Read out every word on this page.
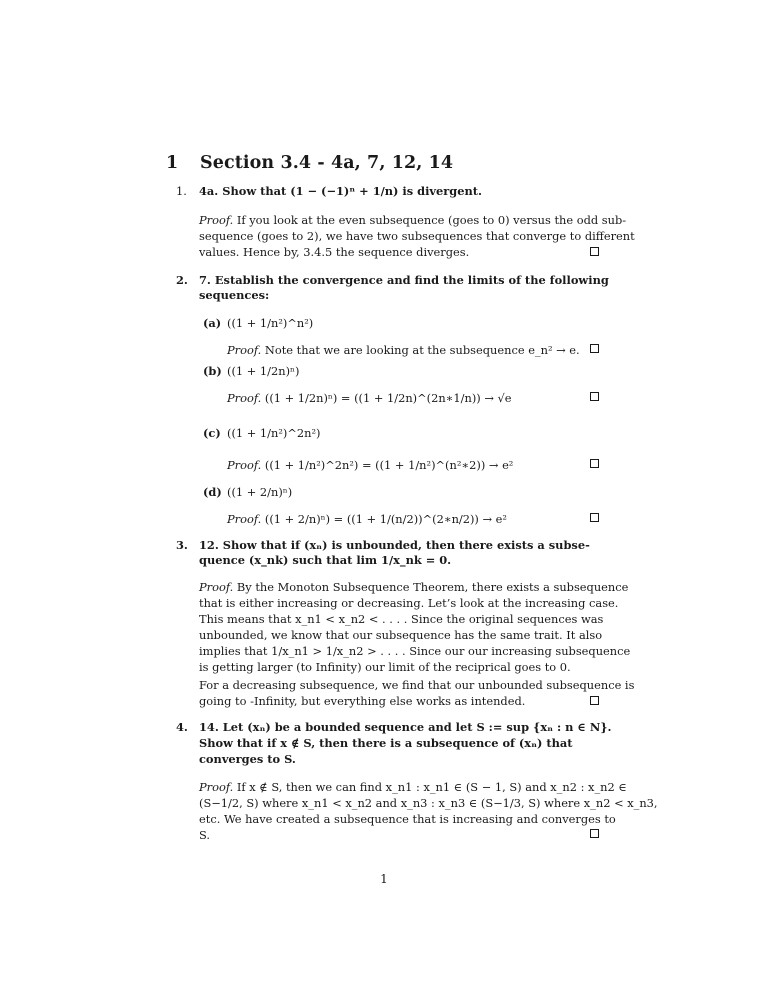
1 Section 3.4 - 4a, 7, 12, 14
1. 4a. Show that (1 − (−1)ⁿ + 1/n) is divergent.
Proof. If you look at the even subsequence (goes to 0) versus the odd sub-
sequence (goes to 2), we have two subsequences that converge to different
values. Hence by, 3.4.5 the sequence diverges.
2. 7. Establish the convergence and find the limits of the following
sequences:
(a) ((1 + 1/n²)^n²)
Proof. Note that we are looking at the subsequence e_n² → e.
(b) ((1 + 1/2n)ⁿ)
Proof. ((1 + 1/2n)ⁿ) = ((1 + 1/2n)^(2n∗1/n)) → √e
(c) ((1 + 1/n²)^2n²)
Proof. ((1 + 1/n²)^2n²) = ((1 + 1/n²)^(n²∗2)) → e²
(d) ((1 + 2/n)ⁿ)
Proof. ((1 + 2/n)ⁿ) = ((1 + 1/(n/2))^(2∗n/2)) → e²
3. 12. Show that if (xₙ) is unbounded, then there exists a subse-
quence (x_nk) such that lim 1/x_nk = 0.
Proof. By the Monoton Subsequence Theorem, there exists a subsequence
that is either increasing or decreasing. Let’s look at the increasing case.
This means that x_n1 < x_n2 < . . . . Since the original sequences was
unbounded, we know that our subsequence has the same trait. It also
implies that 1/x_n1 > 1/x_n2 > . . . . Since our our increasing subsequence
is getting larger (to Infinity) our limit of the reciprical goes to 0.
For a decreasing subsequence, we find that our unbounded subsequence is
going to -Infinity, but everything else works as intended.
4. 14. Let (xₙ) be a bounded sequence and let S := sup {xₙ : n ∈ N}.
Show that if x ∉ S, then there is a subsequence of (xₙ) that
converges to S.
Proof. If x ∉ S, then we can find x_n1 : x_n1 ∈ (S − 1, S) and x_n2 : x_n2 ∈
(S−1/2, S) where x_n1 < x_n2 and x_n3 : x_n3 ∈ (S−1/3, S) where x_n2 < x_n3,
etc. We have created a subsequence that is increasing and converges to
S.
1
